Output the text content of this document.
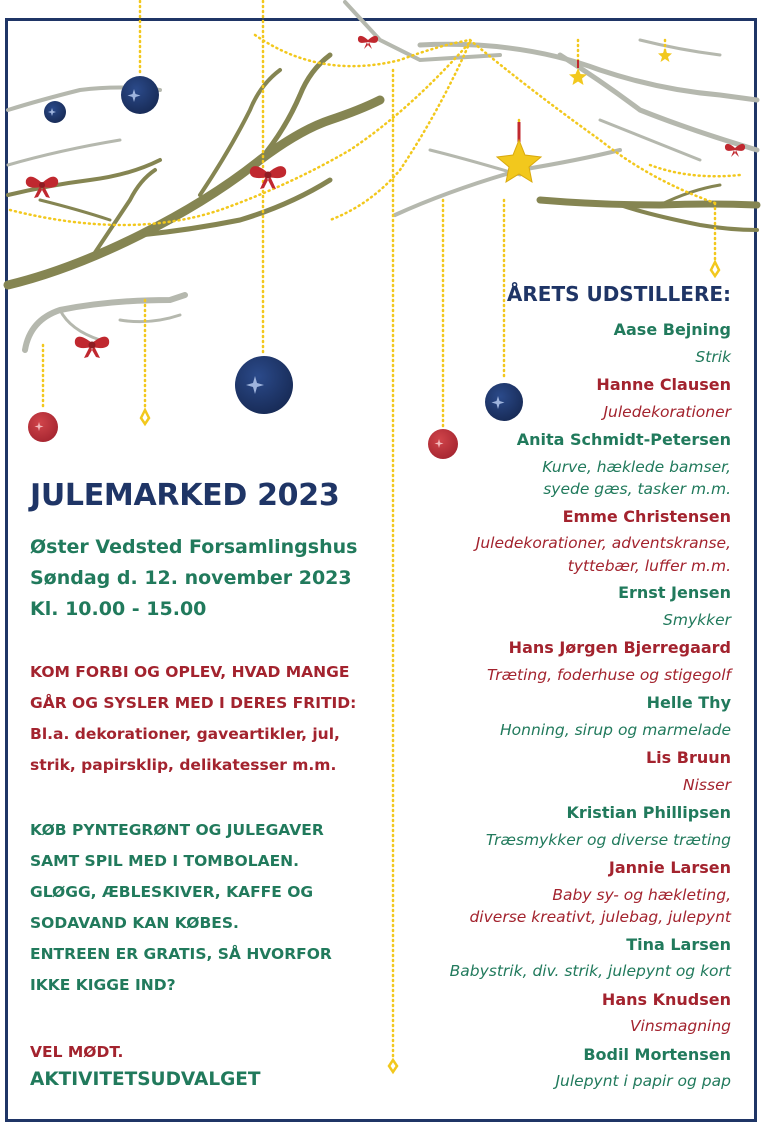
JULEMARKED 2023
Øster Vedsted Forsamlingshus
Søndag d. 12. november 2023
Kl. 10.00 - 15.00
KOM FORBI OG OPLEV, HVAD MANGE
GÅR OG SYSLER MED I DERES FRITID:
Bl.a. dekorationer, gaveartikler, jul,
strik, papirsklip, delikatesser m.m.
KØB PYNTEGRØNT OG JULEGAVER
SAMT SPIL MED I TOMBOLAEN.
GLØGG, ÆBLESKIVER, KAFFE OG
SODAVAND KAN KØBES.
ENTREEN ER GRATIS, SÅ HVORFOR
IKKE KIGGE IND?
VEL MØDT.
AKTIVITETSUDVALGET
ÅRETS UDSTILLERE:
Aase Bejning
Strik
Hanne Clausen
Juledekorationer
Anita Schmidt-Petersen
Kurve, hæklede bamser,
syede gæs, tasker m.m.
Emme Christensen
Juledekorationer, adventskranse,
tyttebær, luffer m.m.
Ernst Jensen
Smykker
Hans Jørgen Bjerregaard
Træting, foderhuse og stigegolf
Helle Thy
Honning, sirup og marmelade
Lis Bruun
Nisser
Kristian Phillipsen
Træsmykker og diverse træting
Jannie Larsen
Baby sy- og hækleting,
diverse kreativt, julebag, julepynt
Tina Larsen
Babystrik, div. strik, julepynt og kort
Hans Knudsen
Vinsmagning
Bodil Mortensen
Julepynt i papir og pap
